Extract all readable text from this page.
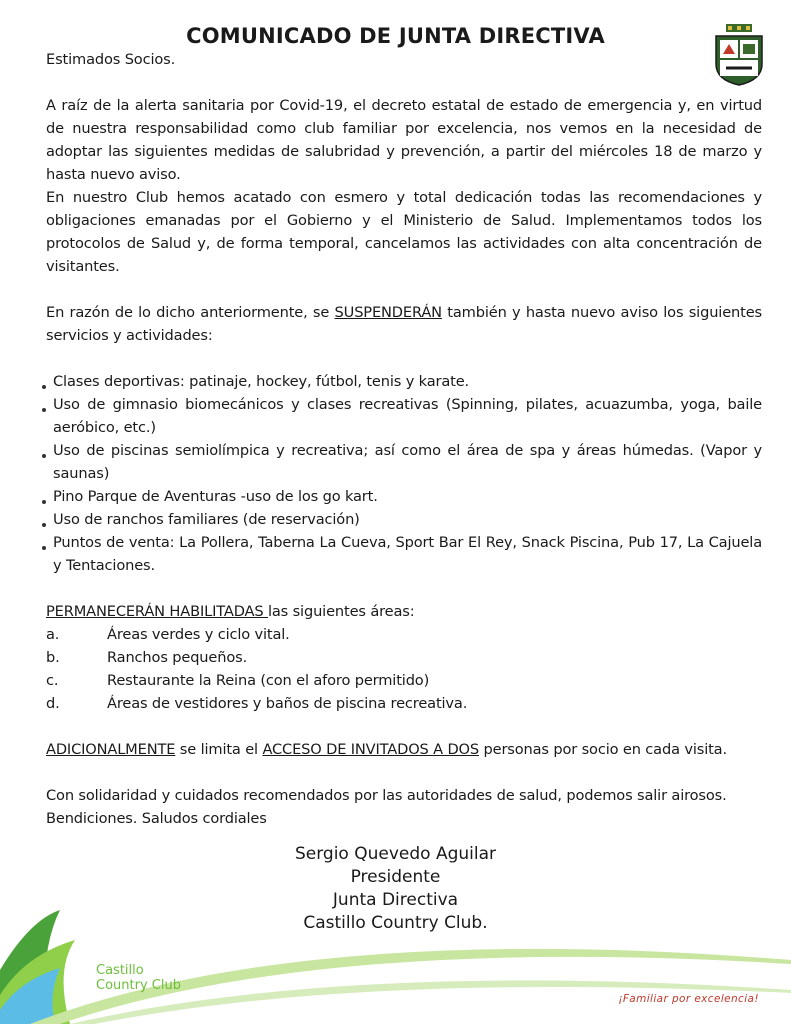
COMUNICADO DE JUNTA DIRECTIVA

Estimados Socios.

A raíz de la alerta sanitaria por Covid-19, el decreto estatal de estado de emergencia y, en virtud de nuestra responsabilidad como club familiar por excelencia, nos vemos en la necesidad de adoptar las siguientes medidas de salubridad y prevención, a partir del miércoles 18 de marzo y hasta nuevo aviso.

En nuestro Club hemos acatado con esmero y total dedicación todas las recomendaciones y obligaciones emanadas por el Gobierno y el Ministerio de Salud. Implementamos todos los protocolos de Salud y, de forma temporal, cancelamos las actividades con alta concentración de visitantes.

En razón de lo dicho anteriormente, se SUSPENDERÁN también y hasta nuevo aviso los siguientes servicios y actividades:

Clases deportivas: patinaje, hockey, fútbol, tenis y karate.
Uso de gimnasio biomecánicos y clases recreativas (Spinning, pilates, acuazumba, yoga, baile aeróbico, etc.)
Uso de piscinas semiolímpica y recreativa; así como el área de spa y áreas húmedas. (Vapor y saunas)
Pino Parque de Aventuras -uso de los go kart.
Uso de ranchos familiares (de reservación)
Puntos de venta: La Pollera, Taberna La Cueva, Sport Bar El Rey, Snack Piscina, Pub 17, La Cajuela y Tentaciones.

PERMANECERÁN HABILITADAS las siguientes áreas:

a.	Áreas verdes y ciclo vital.
b.	Ranchos pequeños.
c.	Restaurante la Reina (con el aforo permitido)
d.	Áreas de vestidores y baños de piscina recreativa.

ADICIONALMENTE se limita el ACCESO DE INVITADOS A DOS personas por socio en cada visita.

Con solidaridad y cuidados recomendados por las autoridades de salud, podemos salir airosos.

Bendiciones. Saludos cordiales

Sergio Quevedo Aguilar
Presidente
Junta Directiva
Castillo Country Club.
Castillo
Country Club
¡Familiar por excelencia!
